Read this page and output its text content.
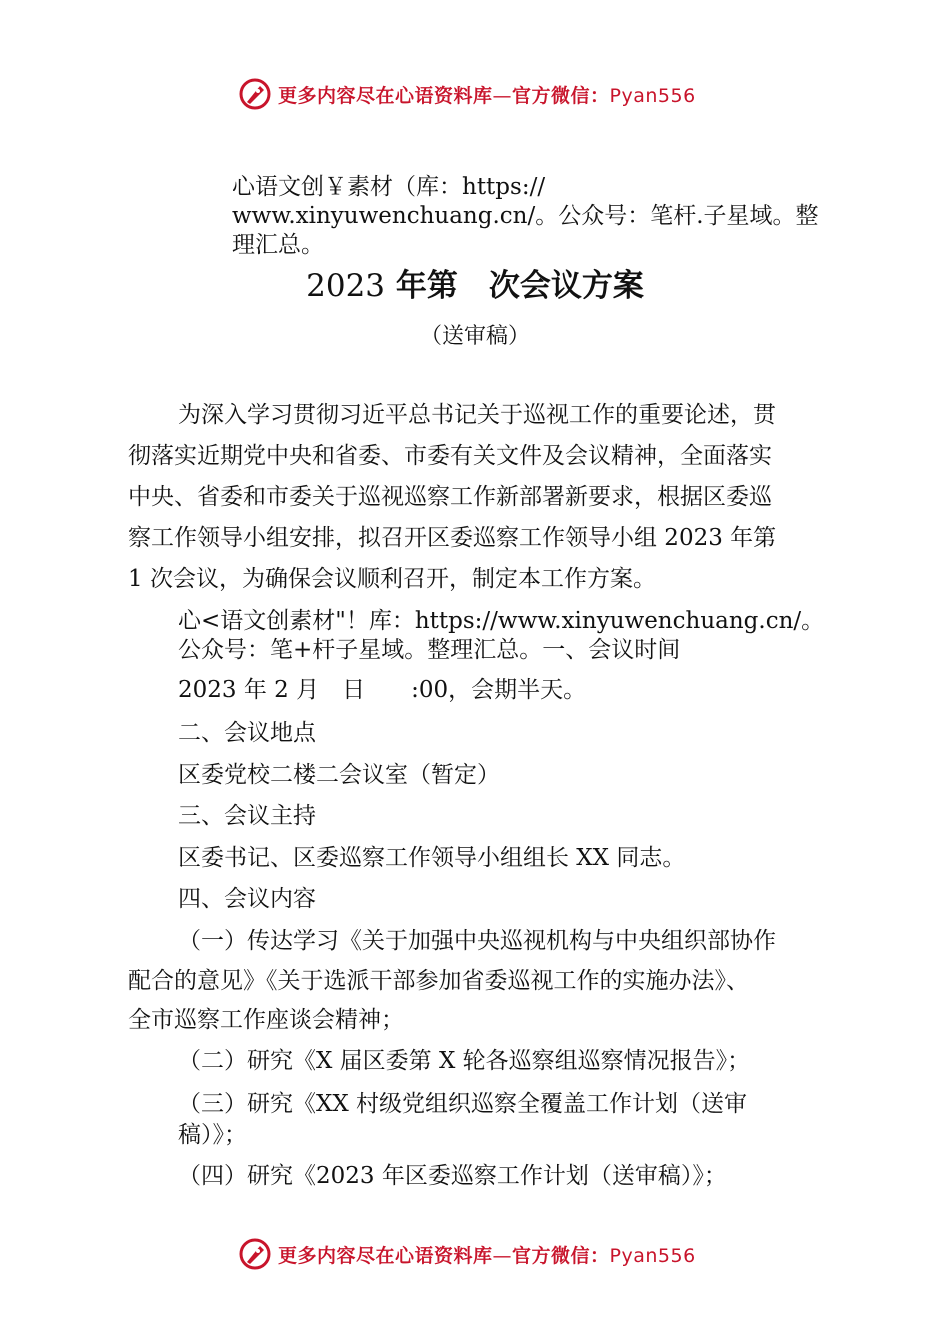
更多内容尽在心语资料库—官方微信：Pyan556
心语文创￥素材（库：https://
www.xinyuwenchuang.cn/。公众号：笔杆.子星域。整
理汇总。
2023 年第　次会议方案
（送审稿）
为深入学习贯彻习近平总书记关于巡视工作的重要论述，贯
彻落实近期党中央和省委、市委有关文件及会议精神，全面落实
中央、省委和市委关于巡视巡察工作新部署新要求，根据区委巡
察工作领导小组安排，拟召开区委巡察工作领导小组 2023 年第
1 次会议，为确保会议顺利召开，制定本工作方案。
心<语文创素材"！库：https://www.xinyuwenchuang.cn/。
公众号：笔+杆子星域。整理汇总。一、会议时间
2023 年 2 月　日　　:00，会期半天。
二、会议地点
区委党校二楼二会议室（暂定）
三、会议主持
区委书记、区委巡察工作领导小组组长 XX 同志。
四、会议内容
（一）传达学习《关于加强中央巡视机构与中央组织部协作
配合的意见》《关于选派干部参加省委巡视工作的实施办法》、
全市巡察工作座谈会精神；
（二）研究《X 届区委第 X 轮各巡察组巡察情况报告》；
（三）研究《XX 村级党组织巡察全覆盖工作计划（送审
稿）》；
（四）研究《2023 年区委巡察工作计划（送审稿）》；
更多内容尽在心语资料库—官方微信：Pyan556
